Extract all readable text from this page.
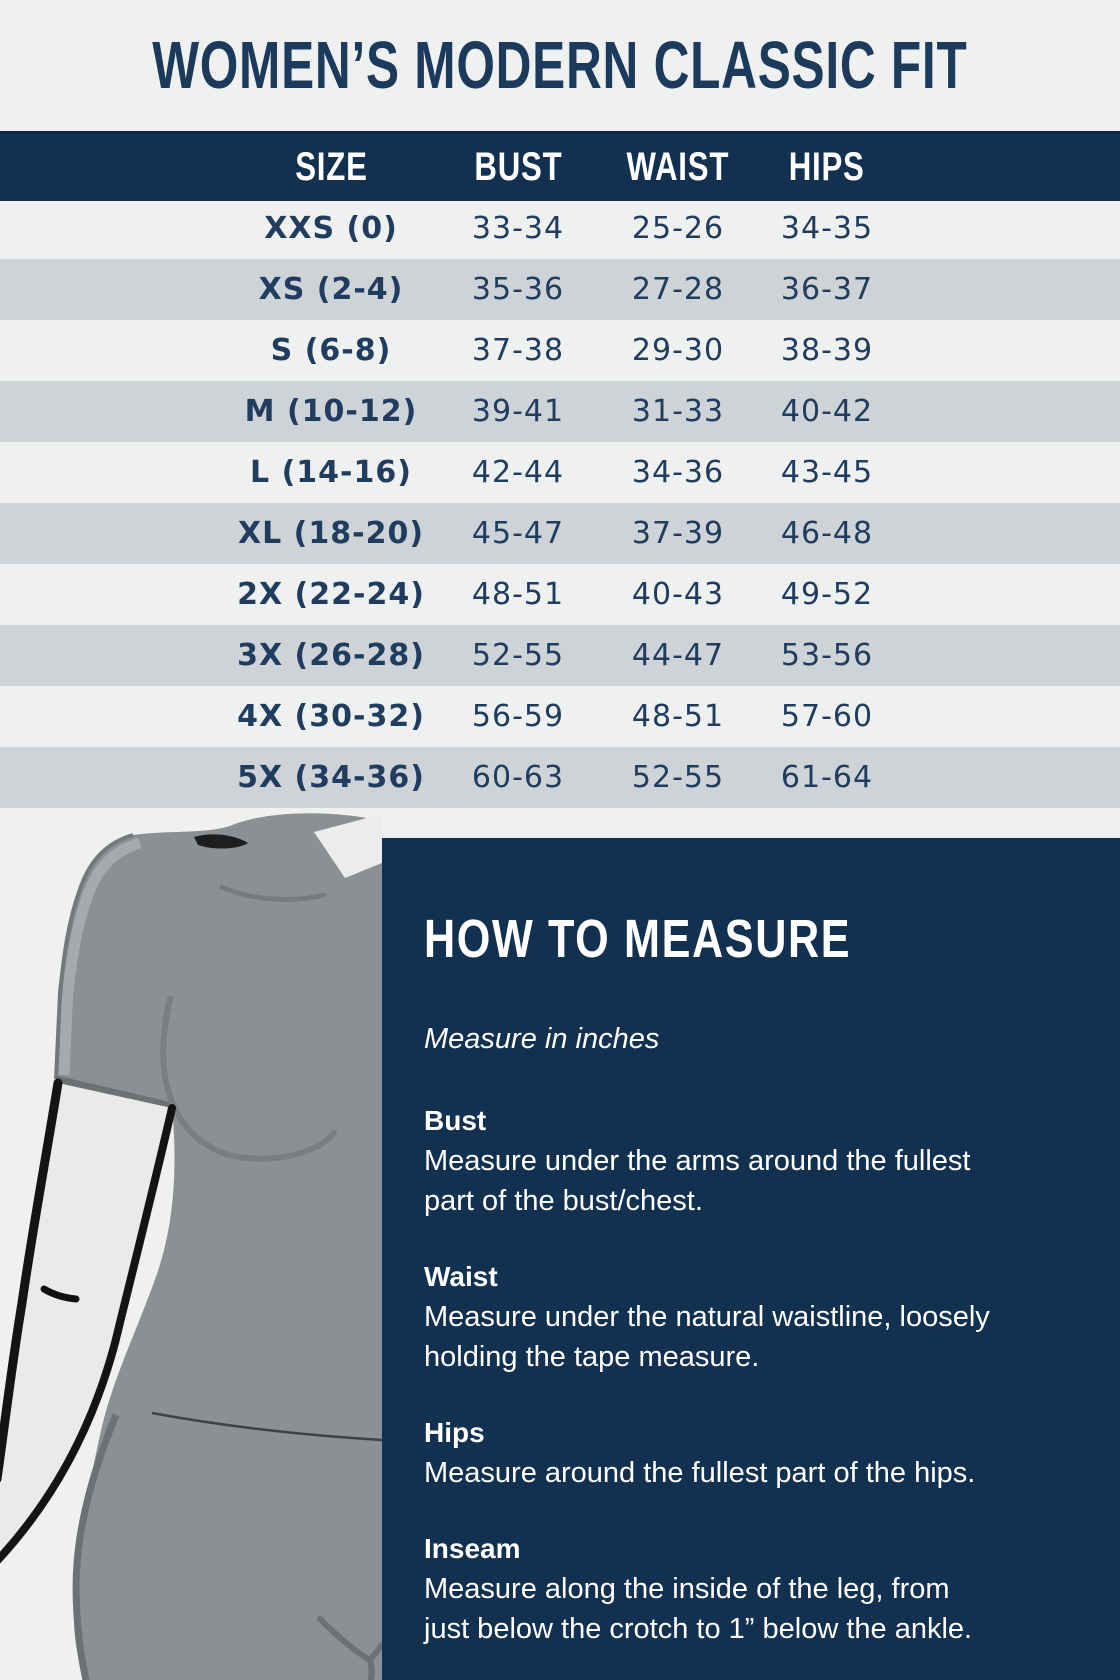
WOMEN’S MODERN CLASSIC FIT
SIZE	BUST WAIST HIPS
XXS (0)	33-34	25-26	34-35
XS (2-4)	35-36	27-28	36-37
S (6-8)	37-38	29-30	38-39
M (10-12)	39-41	31-33	40-42
L (14-16)	42-44	34-36	43-45
XL (18-20)	45-47	37-39	46-48
2X (22-24)	48-51	40-43	49-52
3X (26-28)	52-55	44-47	53-56
4X (30-32)	56-59	48-51	57-60
5X (34-36)	60-63	52-55	61-64
HOW TO MEASURE
Measure in inches
Bust
Measure under the arms around the fullest
part of the bust/chest.
Waist
Measure under the natural waistline, loosely
holding the tape measure.
Hips
Measure around the fullest part of the hips.
Inseam
Measure along the inside of the leg, from
just below the crotch to 1” below the ankle.
